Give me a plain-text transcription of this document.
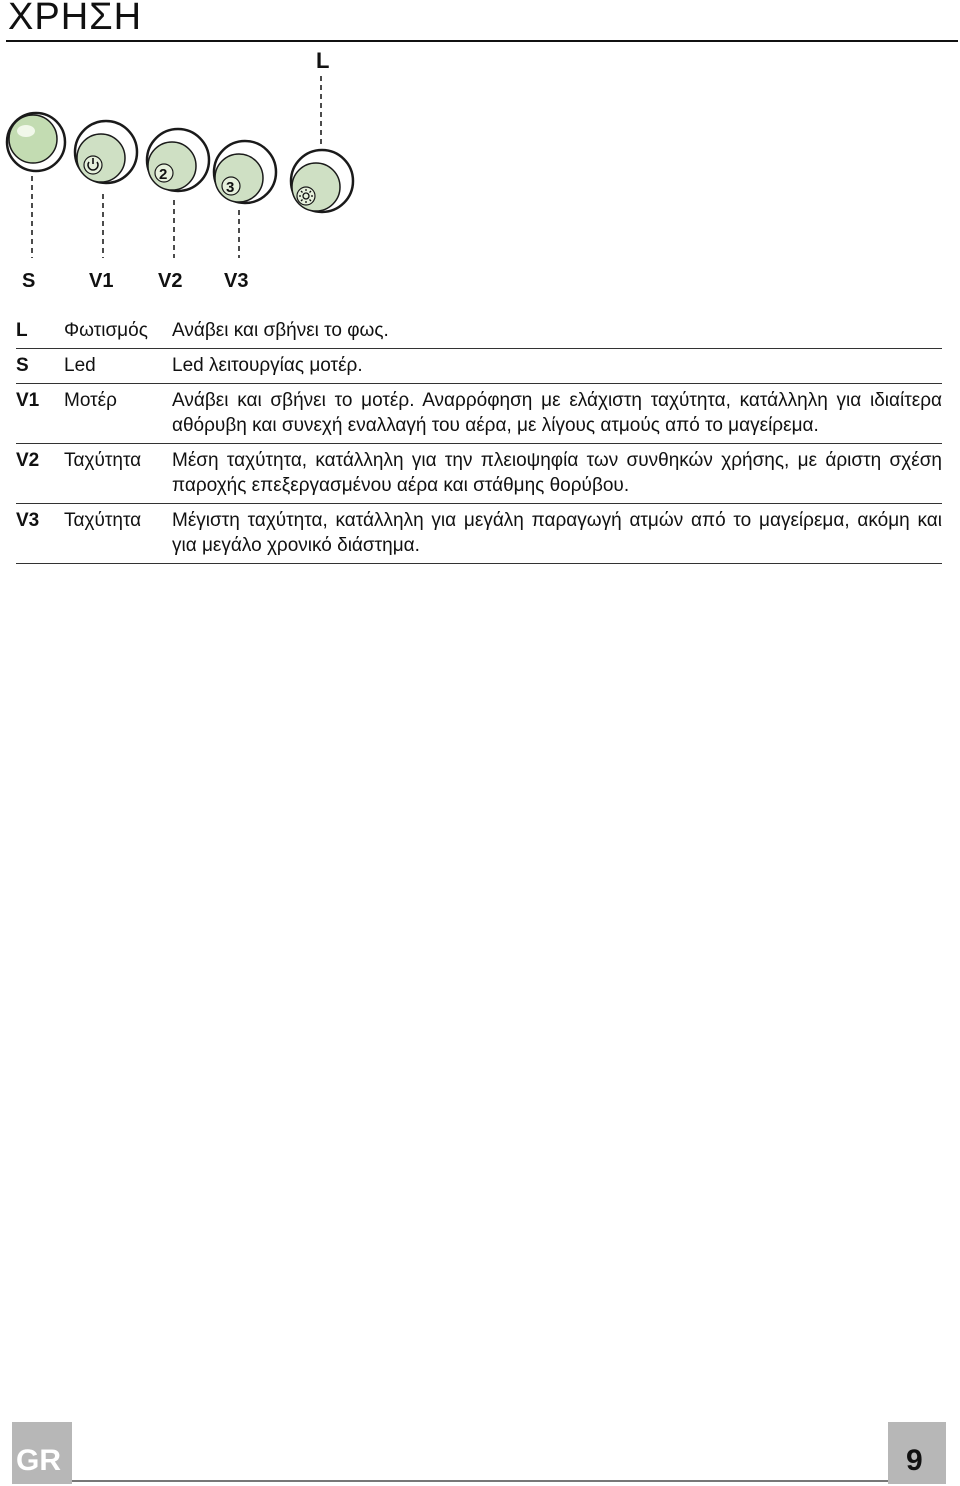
ΧΡΗΣΗ
L
2
3
S	V1 V2 V3
L	Φωτισμός	Ανάβει και σβήνει το φως.
S	Led	Led λειτουργίας μοτέρ.
V1	Μοτέρ	Ανάβει και σβήνει το μοτέρ. Αναρρόφηση με ελάχιστη ταχύτητα, κατάλληλη για ιδιαίτερα αθόρυβη και συνεχή εναλλαγή του αέρα, με λίγους ατμούς από το μαγείρεμα.
V2	Ταχύτητα	Μέση ταχύτητα, κατάλληλη για την πλειοψηφία των συνθηκών χρήσης, με άριστη σχέση παροχής επεξεργασμένου αέρα και στάθμης θορύβου.
V3	Ταχύτητα	Μέγιστη ταχύτητα, κατάλληλη για μεγάλη παραγωγή ατμών από το μαγείρεμα, ακόμη και για μεγάλο χρονικό διάστημα.
GR	9
